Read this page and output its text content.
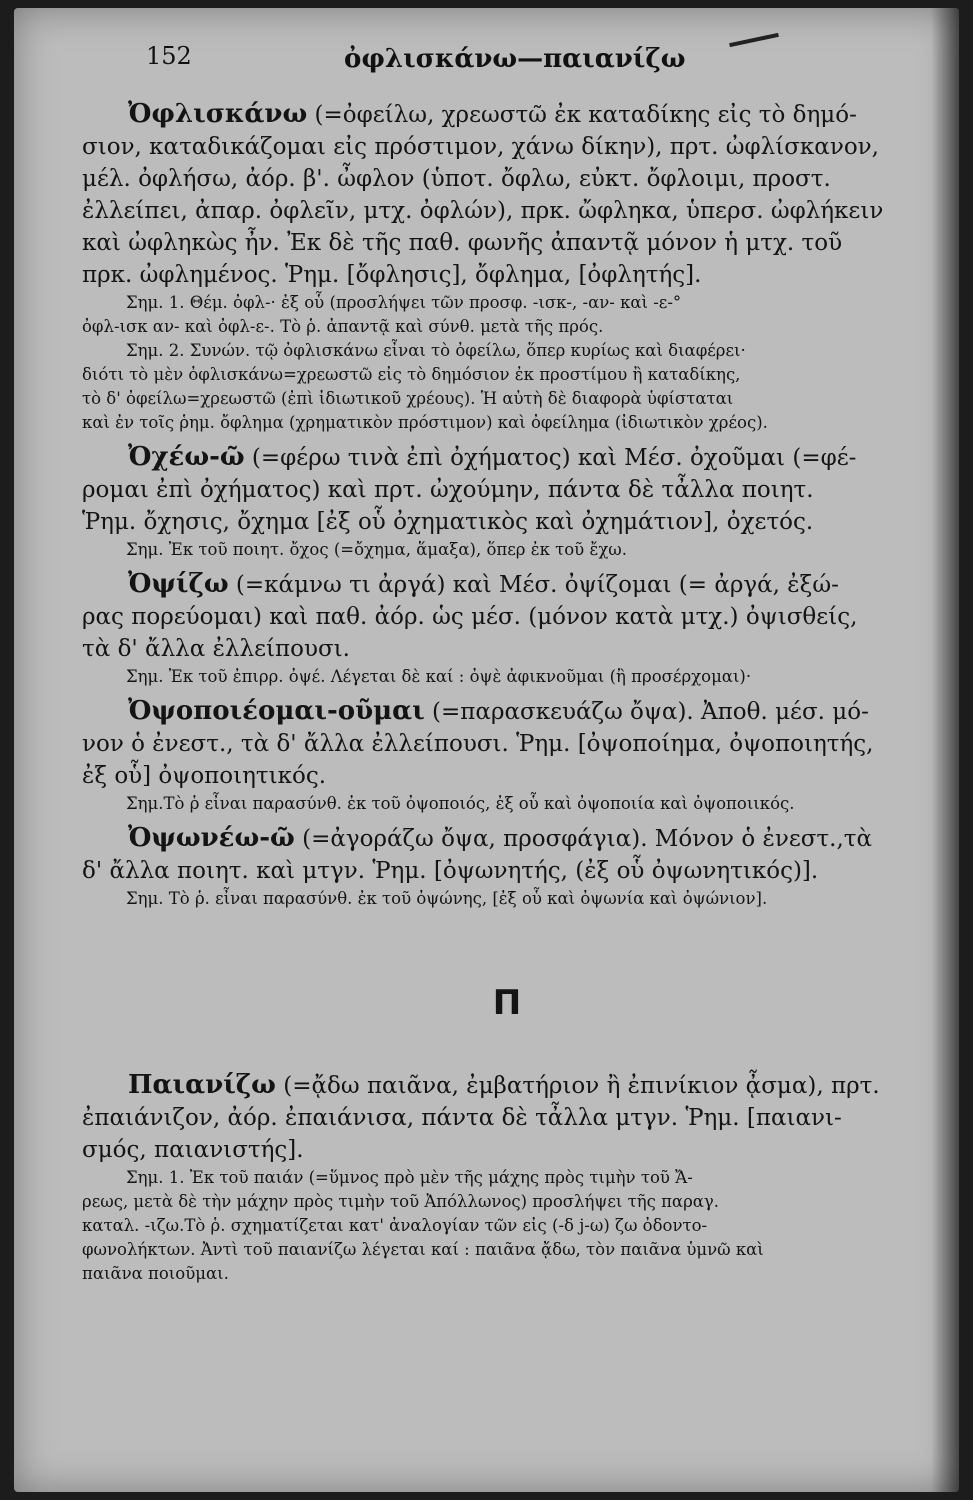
152	ὀφλισκάνω—παιανίζω
Ὀφλισκάνω (=ὀφείλω, χρεωστῶ ἐκ καταδίκης εἰς τὸ δημό-
σιον, καταδικάζομαι εἰς πρόστιμον, χάνω δίκην), πρτ. ὠφλίσκανον,
μέλ. ὀφλήσω, ἀόρ. β'. ὦφλον (ὑποτ. ὄφλω, εὐκτ. ὄφλοιμι, προστ.
ἐλλείπει, ἀπαρ. ὀφλεῖν, μτχ. ὀφλών), πρκ. ὤφληκα, ὑπερσ. ὠφλήκειν
καὶ ὠφληκὼς ἦν. Ἐκ δὲ τῆς παθ. φωνῆς ἀπαντᾷ μόνον ἡ μτχ. τοῦ
πρκ. ὠφλημένος. Ῥημ. [ὄφλησις], ὄφλημα, [ὀφλητής].
Σημ. 1. Θέμ. ὀφλ-· ἐξ οὗ (προσλήψει τῶν προσφ. -ισκ-, -αν- καὶ -ε-°
ὀφλ-ισκ αν- καὶ ὀφλ-ε-. Τὸ ῥ. ἀπαντᾷ καὶ σύνθ. μετὰ τῆς πρός.
Σημ. 2. Συνών. τῷ ὀφλισκάνω εἶναι τὸ ὀφείλω, ὅπερ κυρίως καὶ διαφέρει·
διότι τὸ μὲν ὀφλισκάνω=χρεωστῶ εἰς τὸ δημόσιον ἐκ προστίμου ἢ καταδίκης,
τὸ δ' ὀφείλω=χρεωστῶ (ἐπὶ ἰδιωτικοῦ χρέους). Ἡ αὐτὴ δὲ διαφορὰ ὑφίσταται
καὶ ἐν τοῖς ῥημ. ὄφλημα (χρηματικὸν πρόστιμον) καὶ ὀφείλημα (ἰδιωτικὸν χρέος).
Ὀχέω-ῶ (=φέρω τινὰ ἐπὶ ὀχήματος) καὶ Μέσ. ὀχοῦμαι (=φέ-
ρομαι ἐπὶ ὀχήματος) καὶ πρτ. ὠχούμην, πάντα δὲ τἆλλα ποιητ.
Ῥημ. ὄχησις, ὄχημα [ἐξ οὗ ὀχηματικὸς καὶ ὀχημάτιον], ὀχετός.
Σημ. Ἐκ τοῦ ποιητ. ὄχος (=ὄχημα, ἅμαξα), ὅπερ ἐκ τοῦ ἔχω.
Ὀψίζω (=κάμνω τι ἀργά) καὶ Μέσ. ὀψίζομαι (= ἀργά, ἐξώ-
ρας πορεύομαι) καὶ παθ. ἀόρ. ὡς μέσ. (μόνον κατὰ μτχ.) ὀψισθείς,
τὰ δ' ἄλλα ἐλλείπουσι.
Σημ. Ἐκ τοῦ ἐπιρρ. ὀψέ. Λέγεται δὲ καί : ὀψὲ ἀφικνοῦμαι (ἢ προσέρχομαι)·
Ὀψοποιέομαι-οῦμαι (=παρασκευάζω ὄψα). Ἀποθ. μέσ. μό-
νον ὁ ἐνεστ., τὰ δ' ἄλλα ἐλλείπουσι. Ῥημ. [ὀψοποίημα, ὀψοποιητής,
ἐξ οὗ] ὀψοποιητικός.
Σημ.Τὸ ῥ εἶναι παρασύνθ. ἐκ τοῦ ὀψοποιός, ἐξ οὗ καὶ ὀψοποιία καὶ ὀψοποιικός.
Ὀψωνέω-ῶ (=ἀγοράζω ὄψα, προσφάγια). Μόνον ὁ ἐνεστ.,τὰ
δ' ἄλλα ποιητ. καὶ μτγν. Ῥημ. [ὀψωνητής, (ἐξ οὗ ὀψωνητικός)].
Σημ. Τὸ ῥ. εἶναι παρασύνθ. ἐκ τοῦ ὀψώνης, [ἐξ οὗ καὶ ὀψωνία καὶ ὀψώνιον].
Π
Παιανίζω (=ᾄδω παιᾶνα, ἐμβατήριον ἢ ἐπινίκιον ᾆσμα), πρτ.
ἐπαιάνιζον, ἀόρ. ἐπαιάνισα, πάντα δὲ τἆλλα μτγν. Ῥημ. [παιανι-
σμός, παιανιστής].
Σημ. 1. Ἐκ τοῦ παιάν (=ὕμνος πρὸ μὲν τῆς μάχης πρὸς τιμὴν τοῦ Ἄ-
ρεως, μετὰ δὲ τὴν μάχην πρὸς τιμὴν τοῦ Ἀπόλλωνος) προσλήψει τῆς παραγ.
καταλ. -ιζω.Τὸ ῥ. σχηματίζεται κατ' ἀναλογίαν τῶν εἰς (-δ j-ω) ζω ὀδοντο-
φωνολήκτων. Ἀντὶ τοῦ παιανίζω λέγεται καί : παιᾶνα ᾄδω, τὸν παιᾶνα ὑμνῶ καὶ
παιᾶνα ποιοῦμαι.
